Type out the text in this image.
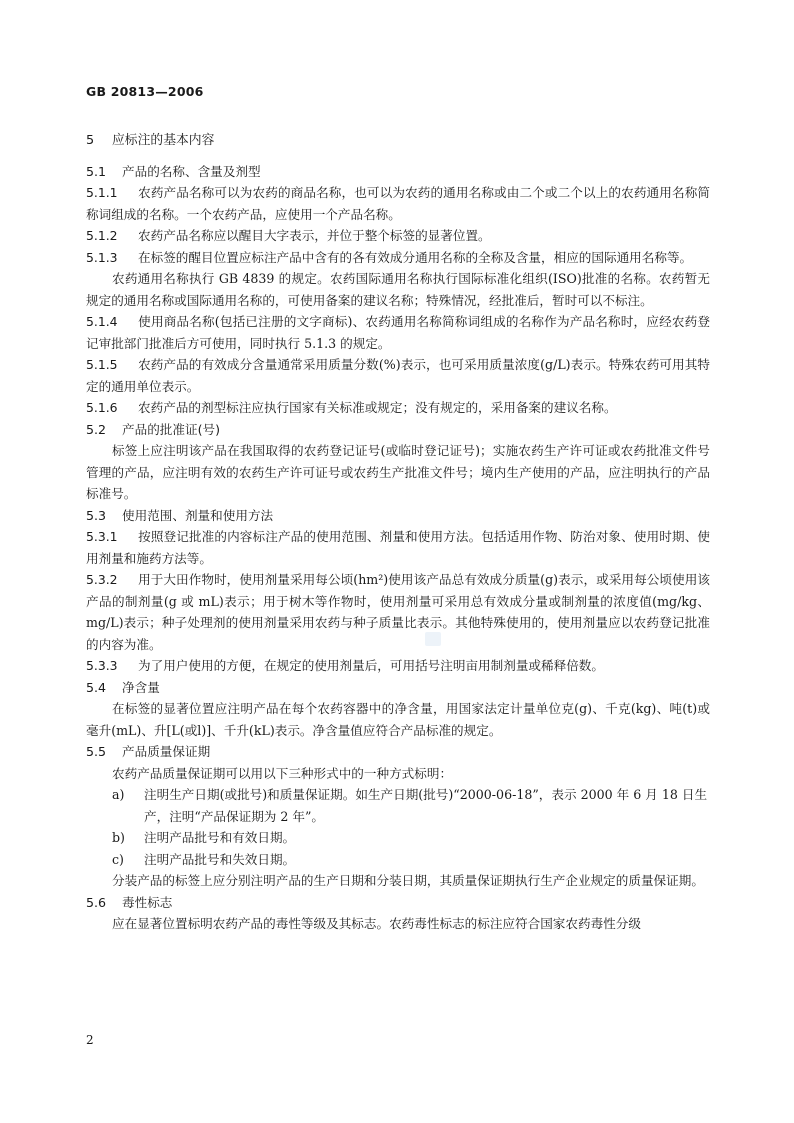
GB 20813—2006
5 应标注的基本内容
5.1 产品的名称、含量及剂型
5.1.1 农药产品名称可以为农药的商品名称，也可以为农药的通用名称或由二个或二个以上的农药通用名称简称词组成的名称。一个农药产品，应使用一个产品名称。
5.1.2 农药产品名称应以醒目大字表示，并位于整个标签的显著位置。
5.1.3 在标签的醒目位置应标注产品中含有的各有效成分通用名称的全称及含量，相应的国际通用名称等。
农药通用名称执行 GB 4839 的规定。农药国际通用名称执行国际标准化组织(ISO)批准的名称。农药暂无规定的通用名称或国际通用名称的，可使用备案的建议名称；特殊情况，经批准后，暂时可以不标注。
5.1.4 使用商品名称(包括已注册的文字商标)、农药通用名称简称词组成的名称作为产品名称时，应经农药登记审批部门批准后方可使用，同时执行 5.1.3 的规定。
5.1.5 农药产品的有效成分含量通常采用质量分数(%)表示，也可采用质量浓度(g/L)表示。特殊农药可用其特定的通用单位表示。
5.1.6 农药产品的剂型标注应执行国家有关标准或规定；没有规定的，采用备案的建议名称。
5.2 产品的批准证(号)
标签上应注明该产品在我国取得的农药登记证号(或临时登记证号)；实施农药生产许可证或农药批准文件号管理的产品，应注明有效的农药生产许可证号或农药生产批准文件号；境内生产使用的产品，应注明执行的产品标准号。
5.3 使用范围、剂量和使用方法
5.3.1 按照登记批准的内容标注产品的使用范围、剂量和使用方法。包括适用作物、防治对象、使用时期、使用剂量和施药方法等。
5.3.2 用于大田作物时，使用剂量采用每公顷(hm²)使用该产品总有效成分质量(g)表示，或采用每公顷使用该产品的制剂量(g 或 mL)表示；用于树木等作物时，使用剂量可采用总有效成分量或制剂量的浓度值(mg/kg、mg/L)表示；种子处理剂的使用剂量采用农药与种子质量比表示。其他特殊使用的，使用剂量应以农药登记批准的内容为准。
5.3.3 为了用户使用的方便，在规定的使用剂量后，可用括号注明亩用制剂量或稀释倍数。
5.4 净含量
在标签的显著位置应注明产品在每个农药容器中的净含量，用国家法定计量单位克(g)、千克(kg)、吨(t)或毫升(mL)、升[L(或l)]、千升(kL)表示。净含量值应符合产品标准的规定。
5.5 产品质量保证期
农药产品质量保证期可以用以下三种形式中的一种方式标明：
a) 注明生产日期(或批号)和质量保证期。如生产日期(批号)“2000-06-18”，表示 2000 年 6 月 18 日生产，注明“产品保证期为 2 年”。
b) 注明产品批号和有效日期。
c) 注明产品批号和失效日期。
分装产品的标签上应分别注明产品的生产日期和分装日期，其质量保证期执行生产企业规定的质量保证期。
5.6 毒性标志
应在显著位置标明农药产品的毒性等级及其标志。农药毒性标志的标注应符合国家农药毒性分级
2
